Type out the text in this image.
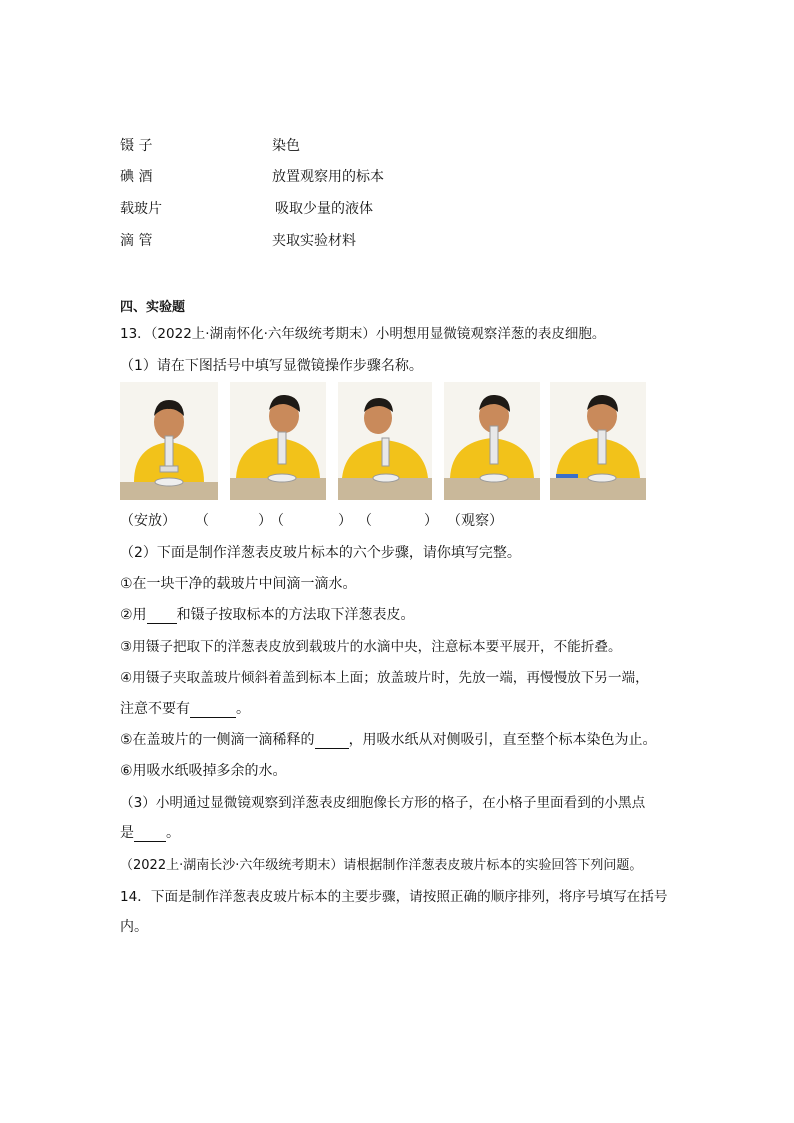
镊 子	染色
碘 酒	放置观察用的标本
载玻片	吸取少量的液体
滴 管	夹取实验材料
四、实验题
13．（2022上·湖南怀化·六年级统考期末）小明想用显微镜观察洋葱的表皮细胞。
（1）请在下图括号中填写显微镜操作步骤名称。
（安放） （	）
（	） （	） （观察）
（2）下面是制作洋葱表皮玻片标本的六个步骤，请你填写完整。
①在一块干净的载玻片中间滴一滴水。
②用 和镊子按取标本的方法取下洋葱表皮。
③用镊子把取下的洋葱表皮放到载玻片的水滴中央，注意标本要平展开，不能折叠。
④用镊子夹取盖玻片倾斜着盖到标本上面；放盖玻片时，先放一端，再慢慢放下另一端，
注意不要有	。
⑤在盖玻片的一侧滴一滴稀释的 ，用吸水纸从对侧吸引，直至整个标本染色为止。
⑥用吸水纸吸掉多余的水。
（3）小明通过显微镜观察到洋葱表皮细胞像长方形的格子，在小格子里面看到的小黑点
是 。
（2022上·湖南长沙·六年级统考期末）请根据制作洋葱表皮玻片标本的实验回答下列问题。
14．下面是制作洋葱表皮玻片标本的主要步骤，请按照正确的顺序排列，将序号填写在括号
内。
